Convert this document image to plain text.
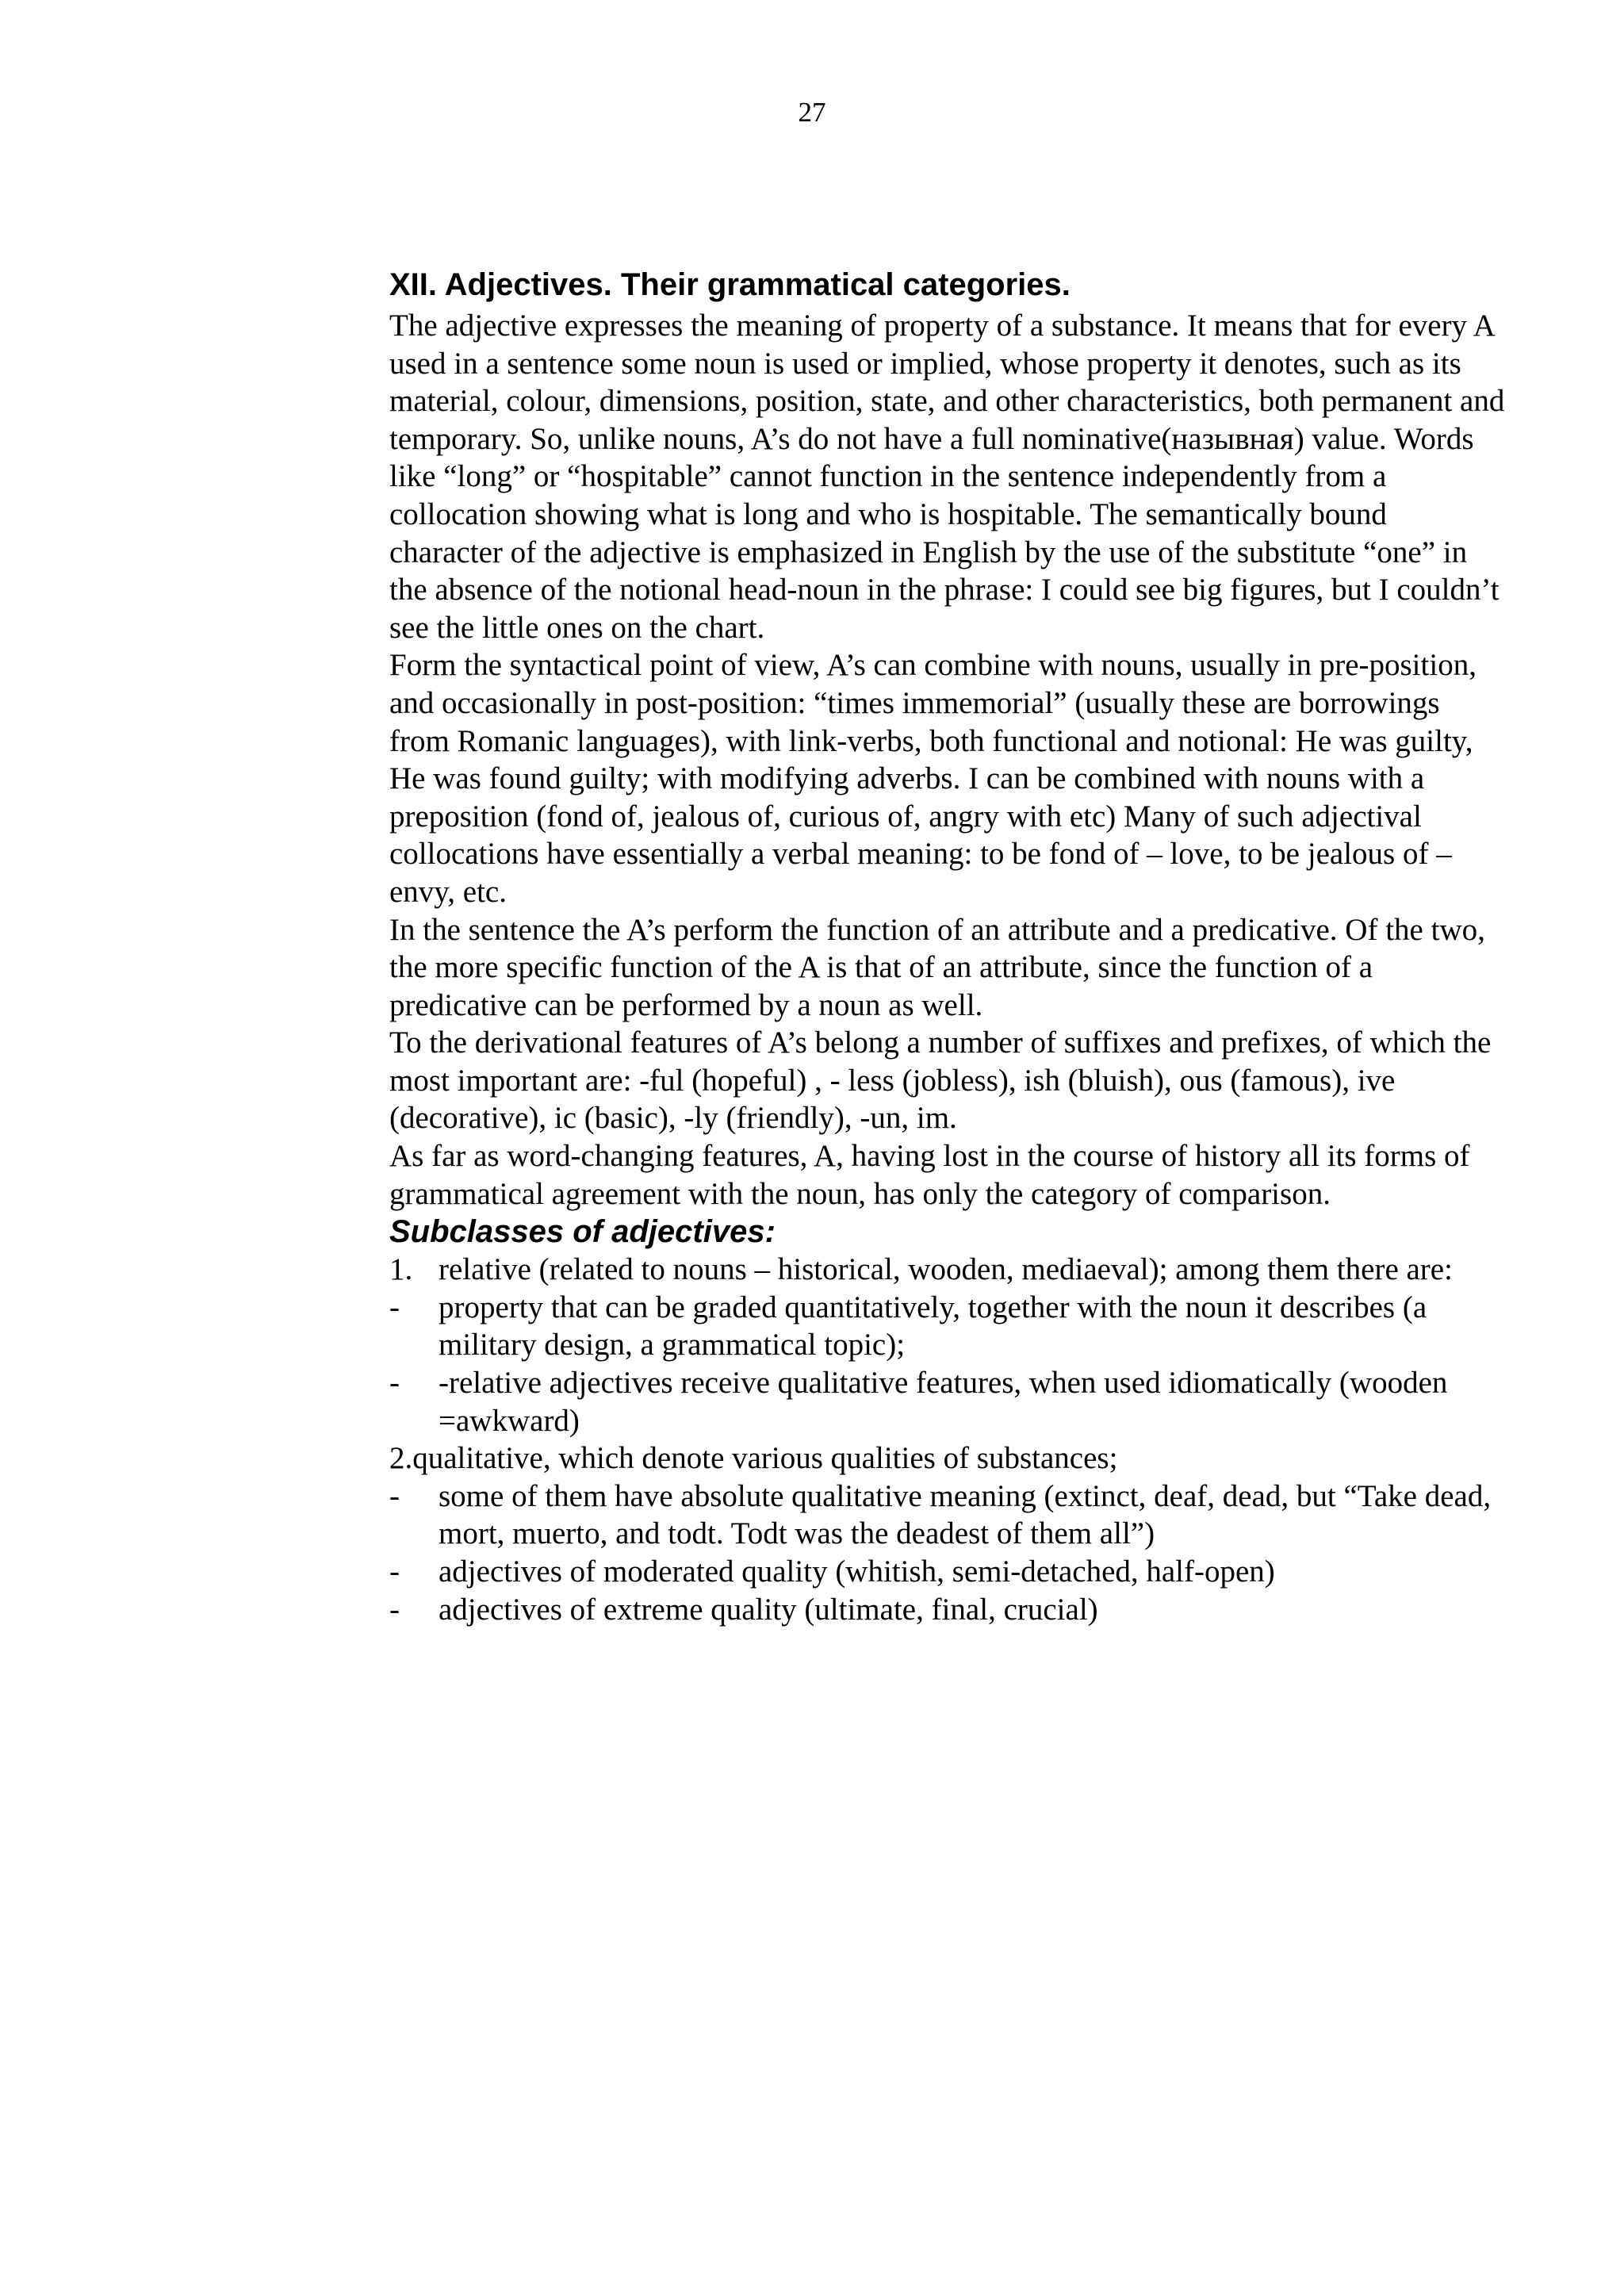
27
XII. Adjectives. Their grammatical categories.

The adjective expresses the meaning of property of a substance. It means that for every A used in a sentence some noun is used or implied, whose property it denotes, such as its material, colour, dimensions, position, state, and other characteristics, both permanent and temporary. So, unlike nouns, A’s do not have a full nominative(назывная) value. Words like “long” or “hospitable” cannot function in the sentence independently from a collocation showing what is long and who is hospitable. The semantically bound character of the adjective is emphasized in English by the use of the substitute “one” in the absence of the notional head-noun in the phrase: I could see big figures, but I couldn’t see the little ones on the chart.

Form the syntactical point of view, A’s can combine with nouns, usually in pre-position, and occasionally in post-position: “times immemorial” (usually these are borrowings from Romanic languages), with link-verbs, both functional and notional: He was guilty, He was found guilty; with modifying adverbs. I can be combined with nouns with a preposition (fond of, jealous of, curious of, angry with etc) Many of such adjectival collocations have essentially a verbal meaning: to be fond of – love, to be jealous of – envy, etc.

In the sentence the A’s perform the function of an attribute and a predicative. Of the two, the more specific function of the A is that of an attribute, since the function of a predicative can be performed by a noun as well.

To the derivational features of A’s belong a number of suffixes and prefixes, of which the most important are: -ful (hopeful) , - less (jobless), ish (bluish), ous (famous), ive (decorative), ic (basic), -ly (friendly), -un, im.

As far as word-changing features, A, having lost in the course of history all its forms of grammatical agreement with the noun, has only the category of comparison.

Subclasses of adjectives:
1. relative (related to nouns – historical, wooden, mediaeval); among them there are:
- property that can be graded quantitatively, together with the noun it describes (a military design, a grammatical topic);
- -relative adjectives receive qualitative features, when used idiomatically (wooden =awkward)

2.qualitative, which denote various qualities of substances;

- some of them have absolute qualitative meaning (extinct, deaf, dead, but “Take dead, mort, muerto, and todt. Todt was the deadest of them all”)
- adjectives of moderated quality (whitish, semi-detached, half-open)
- adjectives of extreme quality (ultimate, final, crucial)
